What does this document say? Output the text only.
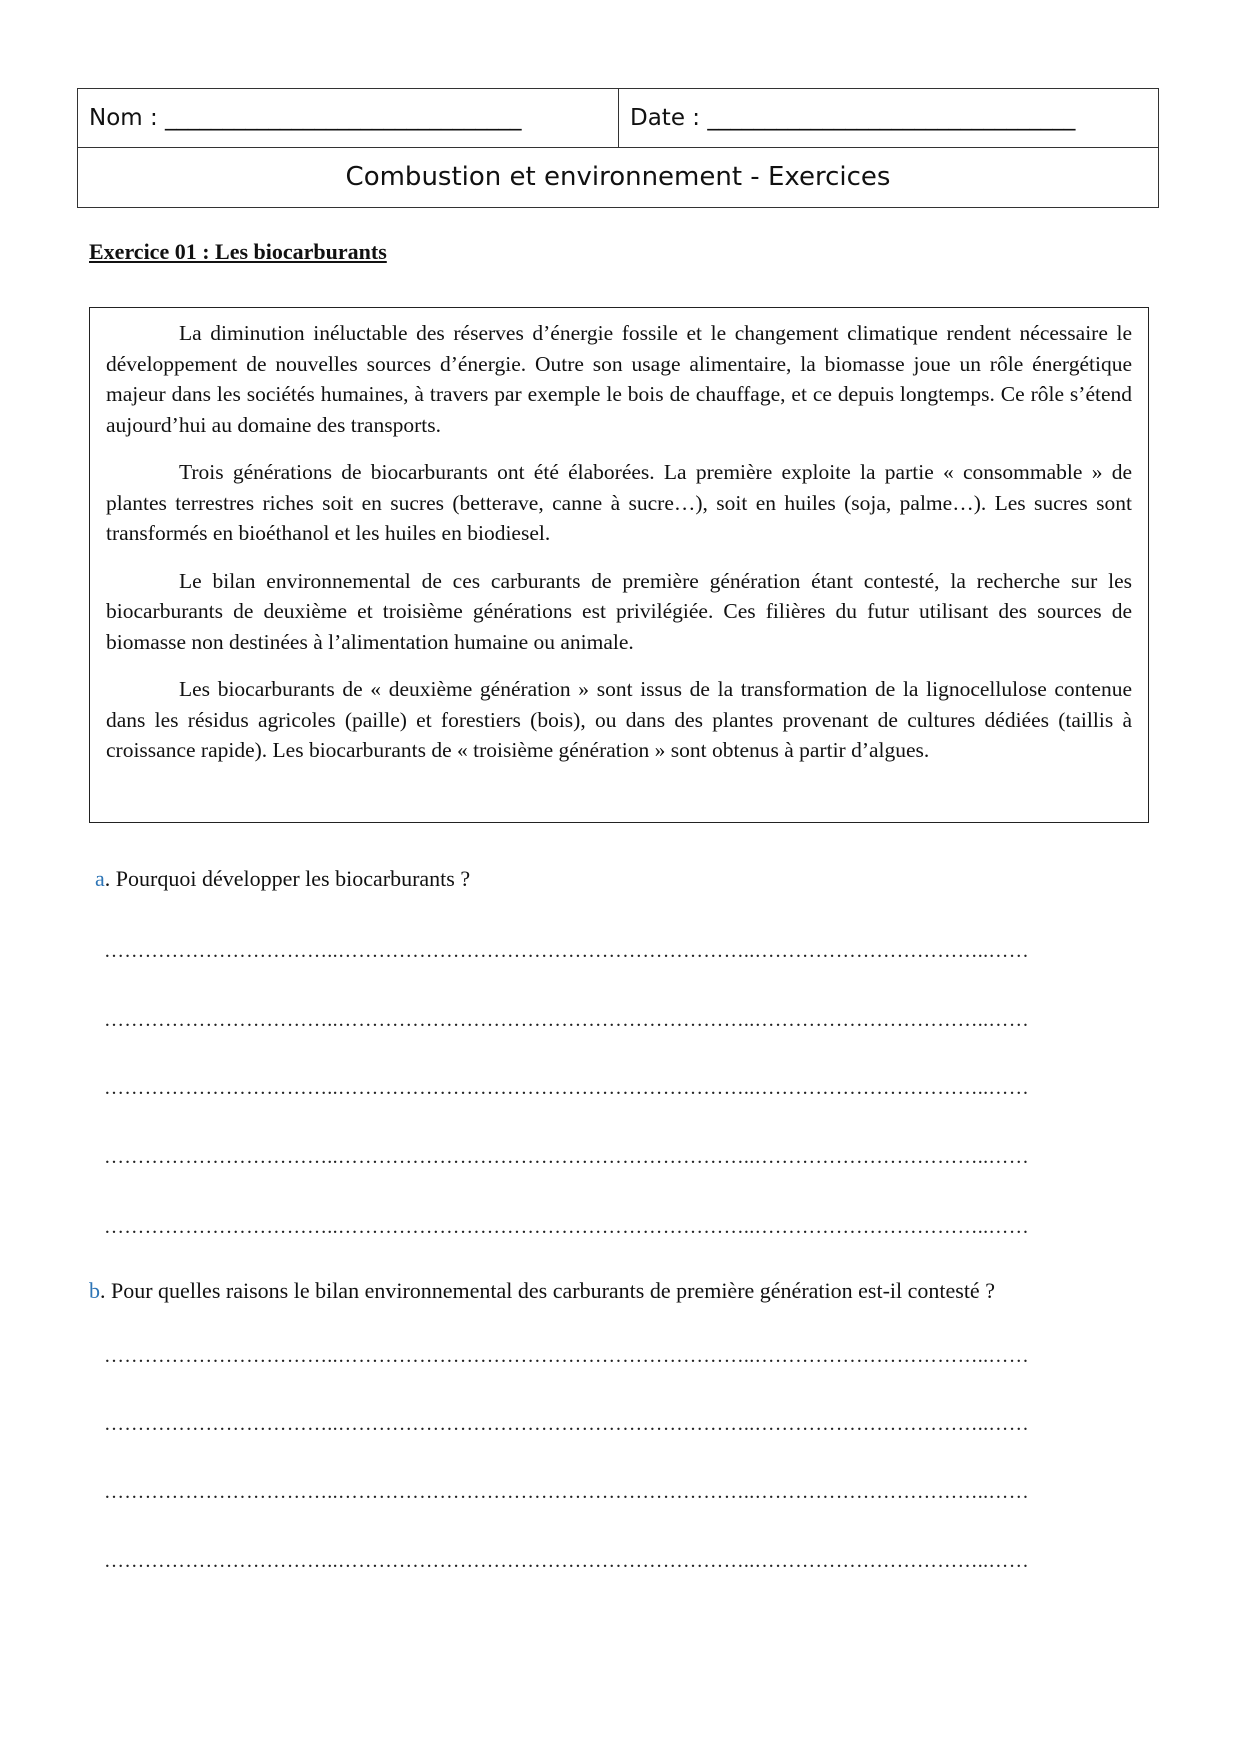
Nom : _______________________________	Date : ________________________________
Combustion et environnement - Exercices
Exercice 01 : Les biocarburants

La diminution inéluctable des réserves d’énergie fossile et le changement climatique rendent nécessaire le développement de nouvelles sources d’énergie. Outre son usage alimentaire, la biomasse joue un rôle énergétique majeur dans les sociétés humaines, à travers par exemple le bois de chauffage, et ce depuis longtemps. Ce rôle s’étend aujourd’hui au domaine des transports.

Trois générations de biocarburants ont été élaborées. La première exploite la partie « consommable » de plantes terrestres riches soit en sucres (betterave, canne à sucre…), soit en huiles (soja, palme…). Les sucres sont transformés en bioéthanol et les huiles en biodiesel.

Le bilan environnemental de ces carburants de première génération étant contesté, la recherche sur les biocarburants de deuxième et troisième générations est privilégiée. Ces filières du futur utilisant des sources de biomasse non destinées à l’alimentation humaine ou animale.

Les biocarburants de « deuxième génération » sont issus de la transformation de la lignocellulose contenue dans les résidus agricoles (paille) et forestiers (bois), ou dans des plantes provenant de cultures dédiées (taillis à croissance rapide). Les biocarburants de « troisième génération » sont obtenus à partir d’algues.

a. Pourquoi développer les biocarburants ?
……………………………..……………………………………………………..……………………………..……
……………………………..……………………………………………………..……………………………..……
……………………………..……………………………………………………..……………………………..……
……………………………..……………………………………………………..……………………………..……
……………………………..……………………………………………………..……………………………..……
b. Pour quelles raisons le bilan environnemental des carburants de première génération est-il contesté ?
……………………………..……………………………………………………..……………………………..……
……………………………..……………………………………………………..……………………………..……
……………………………..……………………………………………………..……………………………..……
……………………………..……………………………………………………..……………………………..……
